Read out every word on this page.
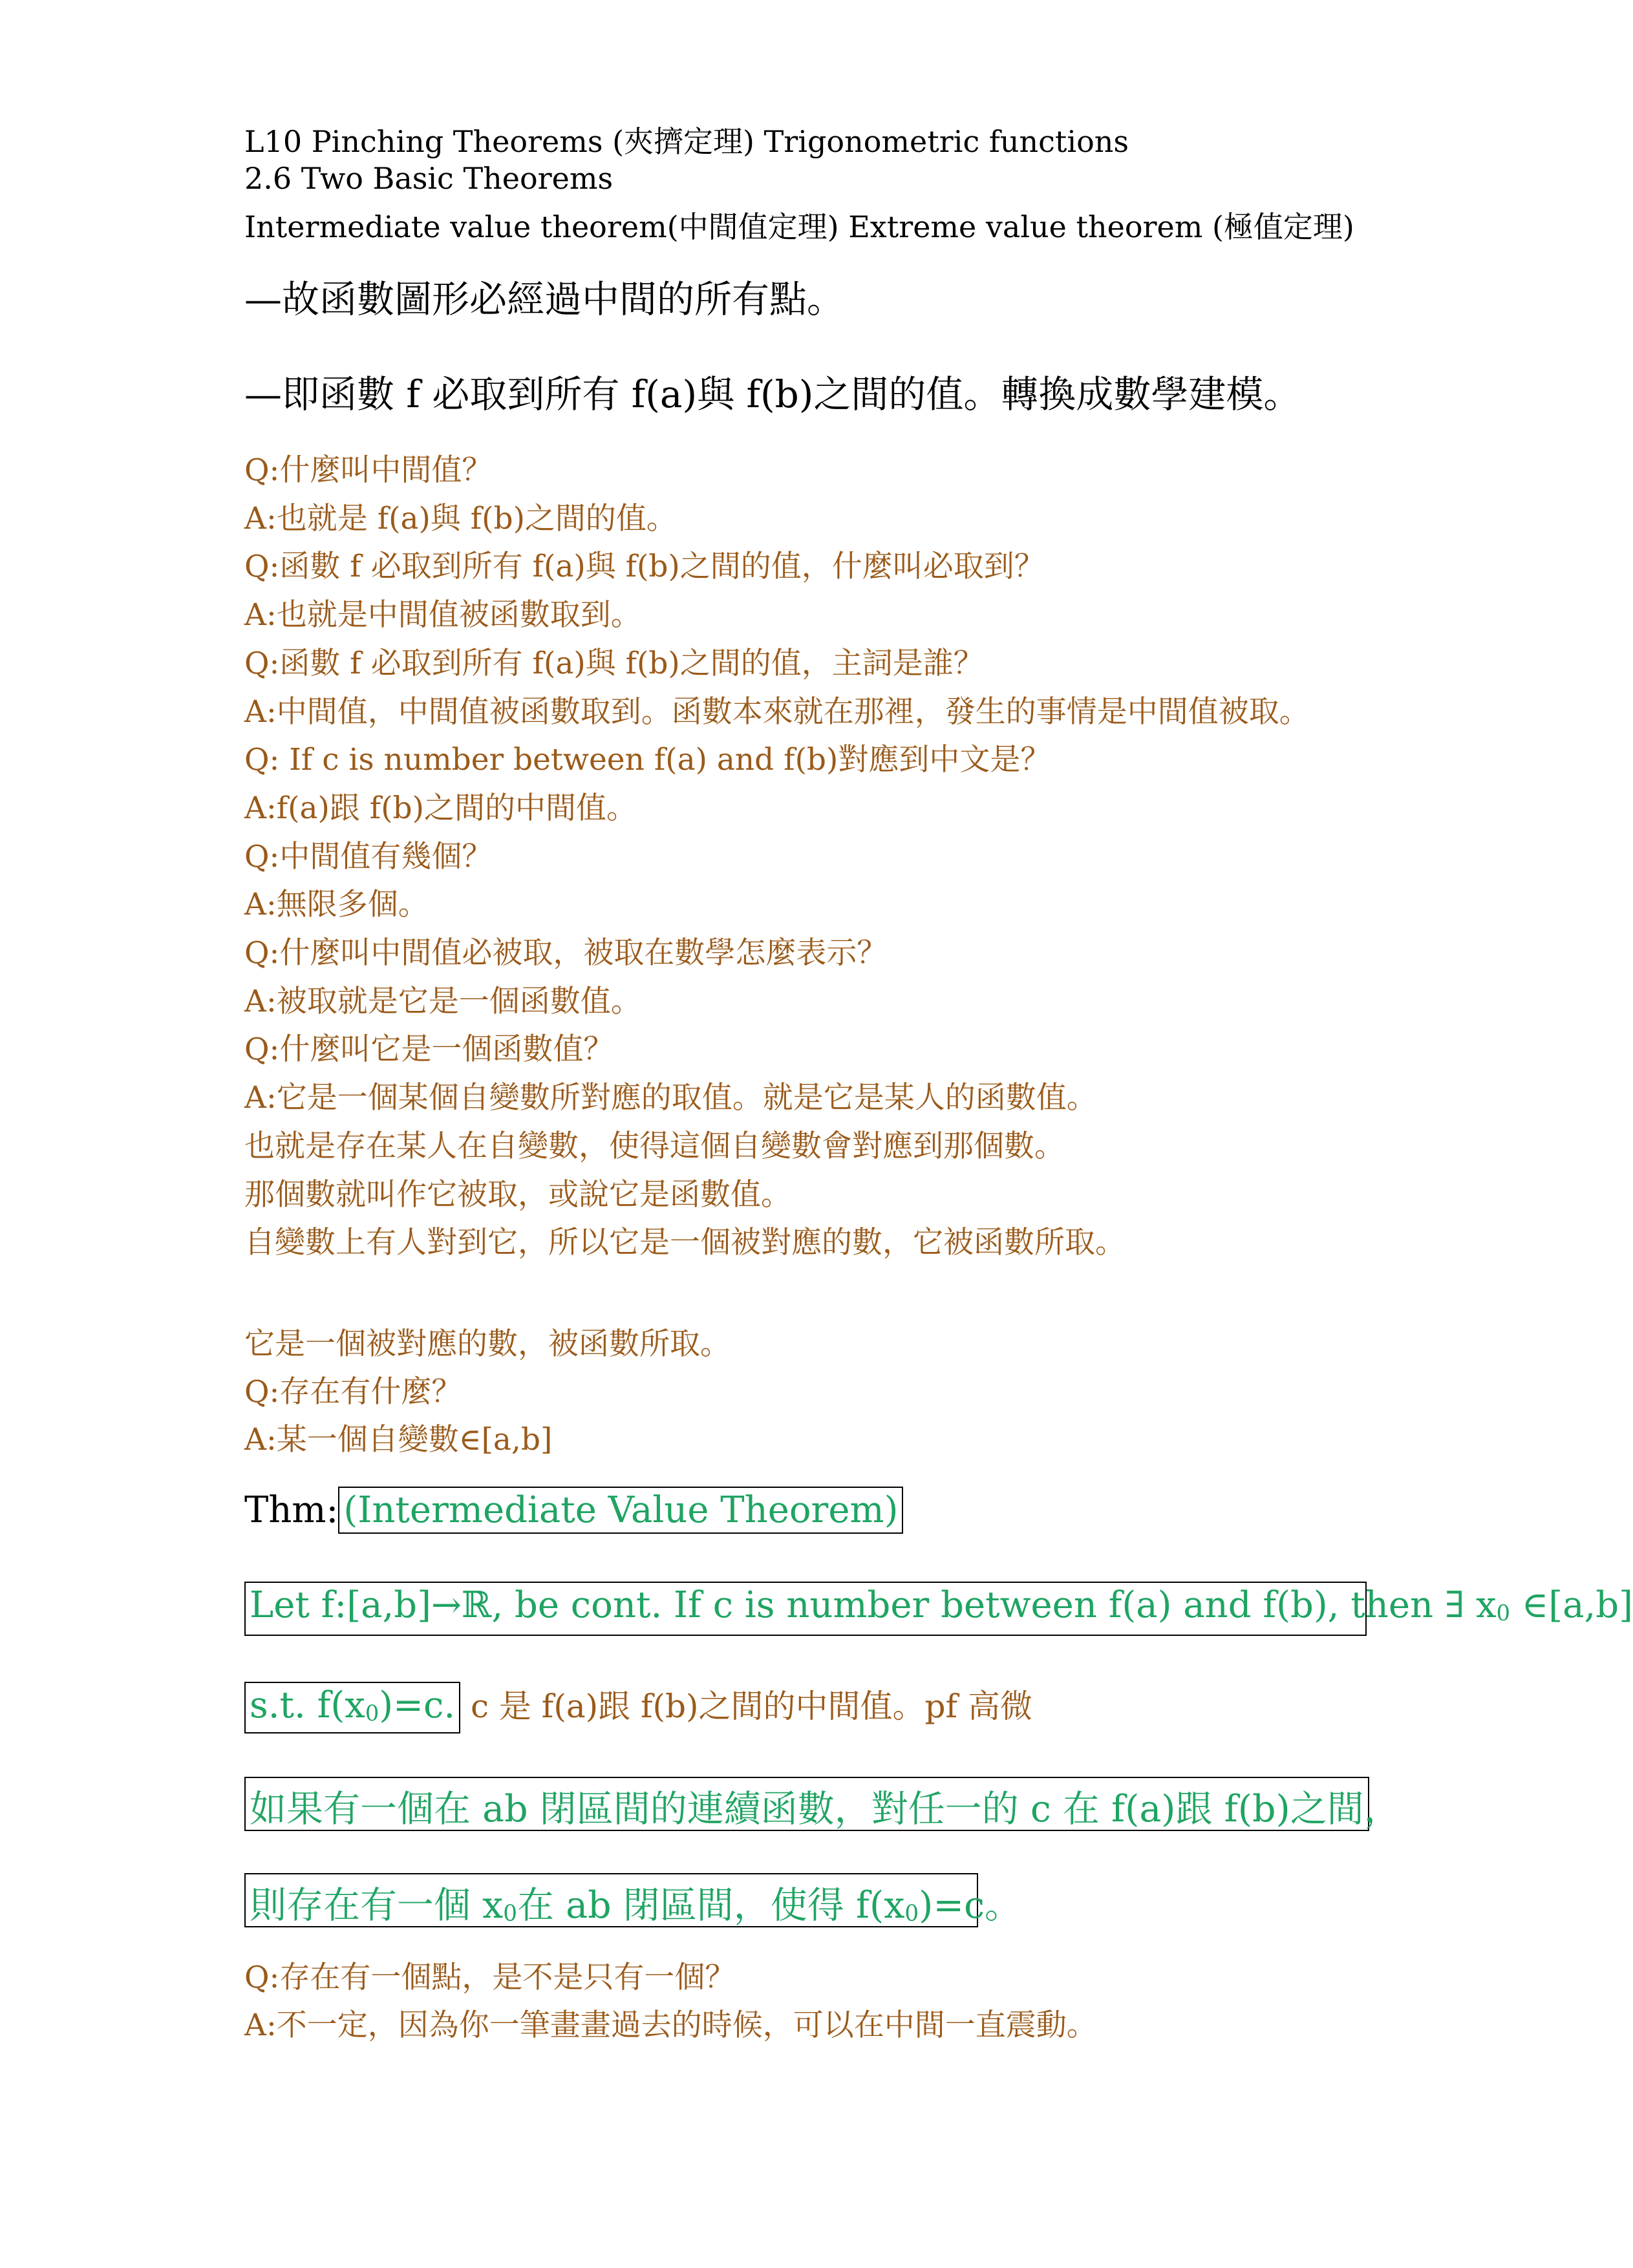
L10 Pinching Theorems (夾擠定理) Trigonometric functions
2.6 Two Basic Theorems
Intermediate value theorem(中間值定理) Extreme value theorem (極值定理)
—故函數圖形必經過中間的所有點。
—即函數 f 必取到所有 f(a)與 f(b)之間的值。轉換成數學建模。
Q:什麼叫中間值？
A:也就是 f(a)與 f(b)之間的值。
Q:函數 f 必取到所有 f(a)與 f(b)之間的值，什麼叫必取到？
A:也就是中間值被函數取到。
Q:函數 f 必取到所有 f(a)與 f(b)之間的值，主詞是誰？
A:中間值，中間值被函數取到。函數本來就在那裡，發生的事情是中間值被取。
Q: If c is number between f(a) and f(b)對應到中文是？
A:f(a)跟 f(b)之間的中間值。
Q:中間值有幾個？
A:無限多個。
Q:什麼叫中間值必被取，被取在數學怎麼表示？
A:被取就是它是一個函數值。
Q:什麼叫它是一個函數值？
A:它是一個某個自變數所對應的取值。就是它是某人的函數值。
也就是存在某人在自變數，使得這個自變數會對應到那個數。
那個數就叫作它被取，或說它是函數值。
自變數上有人對到它，所以它是一個被對應的數，它被函數所取。
它是一個被對應的數，被函數所取。
Q:存在有什麼？
A:某一個自變數∈[a,b]
Thm: (Intermediate Value Theorem)
Let f:[a,b]→ℝ, be cont. If c is number between f(a) and f(b), then ∃ $x_0$ ∈[a,b]
s.t. $f(x_0)=c$. c 是 f(a)跟 f(b)之間的中間值。pf 高微
如果有一個在 ab 閉區間的連續函數，對任一的 c 在 f(a)跟 f(b)之間，
則存在有一個 $x_0$在 ab 閉區間，使得 $f(x_0)=c$。
Q:存在有一個點，是不是只有一個？
A:不一定，因為你一筆畫畫過去的時候，可以在中間一直震動。
